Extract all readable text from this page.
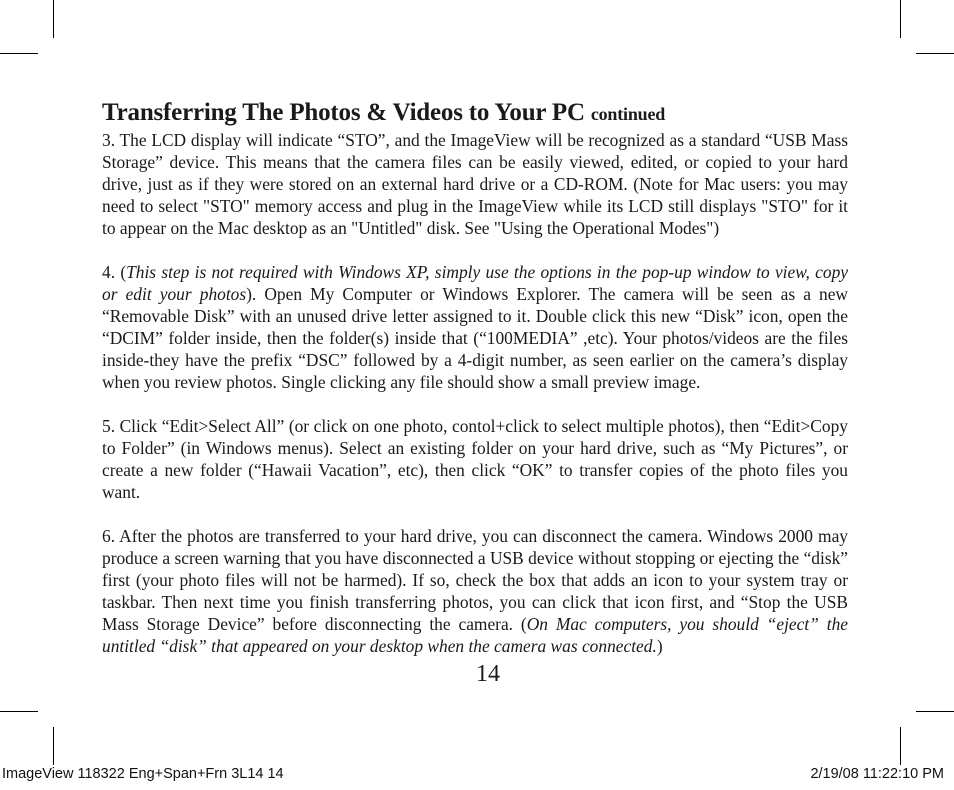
Transferring The Photos & Videos to Your PC continued

3. The LCD display will indicate “STO”, and the ImageView will be recognized as a standard “USB Mass Storage” device. This means that the camera files can be easily viewed, edited, or copied to your hard drive, just as if they were stored on an external hard drive or a CD-ROM. (Note for Mac users: you may need to select "STO" memory access and plug in the ImageView while its LCD still displays "STO" for it to appear on the Mac desktop as an "Untitled" disk. See "Using the Operational Modes")

4. (This step is not required with Windows XP, simply use the options in the pop-up window to view, copy or edit your photos). Open My Computer or Windows Explorer. The camera will be seen as a new “Removable Disk” with an unused drive letter assigned to it. Double click this new “Disk” icon, open the “DCIM” folder inside, then the folder(s) inside that (“100MEDIA” ,etc). Your photos/videos are the files inside-they have the prefix “DSC” followed by a 4-digit number, as seen earlier on the camera’s display when you review photos. Single clicking any file should show a small preview image.

5. Click “Edit>Select All” (or click on one photo, contol+click to select multiple photos), then “Edit>Copy to Folder” (in Windows menus). Select an existing folder on your hard drive, such as “My Pictures”, or create a new folder (“Hawaii Vacation”, etc), then click “OK” to transfer copies of the photo files you want.

6. After the photos are transferred to your hard drive, you can disconnect the camera. Windows 2000 may produce a screen warning that you have disconnected a USB device without stopping or ejecting the “disk” first (your photo files will not be harmed). If so, check the box that adds an icon to your system tray or taskbar. Then next time you finish transferring photos, you can click that icon first, and “Stop the USB Mass Storage Device” before disconnecting the camera. (On Mac computers, you should “eject” the untitled “disk” that appeared on your desktop when the camera was connected.)

14
ImageView 118322 Eng+Span+Frn 3L14 14	2/19/08 11:22:10 PM
